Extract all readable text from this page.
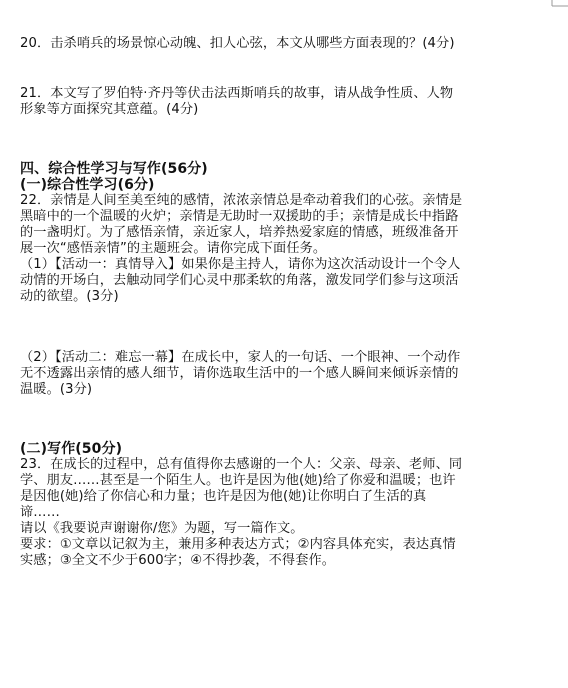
20．击杀哨兵的场景惊心动魄、扣人心弦，本文从哪些方面表现的？(4分)
21．本文写了罗伯特·齐丹等伏击法西斯哨兵的故事，请从战争性质、人物
形象等方面探究其意蕴。(4分)
四、综合性学习与写作(56分)
(一)综合性学习(6分)
22．亲情是人间至美至纯的感情，浓浓亲情总是牵动着我们的心弦。亲情是
黑暗中的一个温暖的火炉；亲情是无助时一双援助的手；亲情是成长中指路
的一盏明灯。为了感悟亲情，亲近家人，培养热爱家庭的情感，班级准备开
展一次“感悟亲情”的主题班会。请你完成下面任务。
（1）【活动一：真情导入】如果你是主持人，请你为这次活动设计一个令人
动情的开场白，去触动同学们心灵中那柔软的角落，激发同学们参与这项活
动的欲望。(3分)
（2）【活动二：难忘一幕】在成长中，家人的一句话、一个眼神、一个动作
无不透露出亲情的感人细节，请你选取生活中的一个感人瞬间来倾诉亲情的
温暖。(3分)
(二)写作(50分)
23．在成长的过程中，总有值得你去感谢的一个人：父亲、母亲、老师、同
学、朋友……甚至是一个陌生人。也许是因为他(她)给了你爱和温暖；也许
是因他(她)给了你信心和力量；也许是因为他(她)让你明白了生活的真
谛……
请以《我要说声谢谢你/您》为题，写一篇作文。
要求：①文章以记叙为主，兼用多种表达方式；②内容具体充实，表达真情
实感；③全文不少于600字；④不得抄袭，不得套作。
